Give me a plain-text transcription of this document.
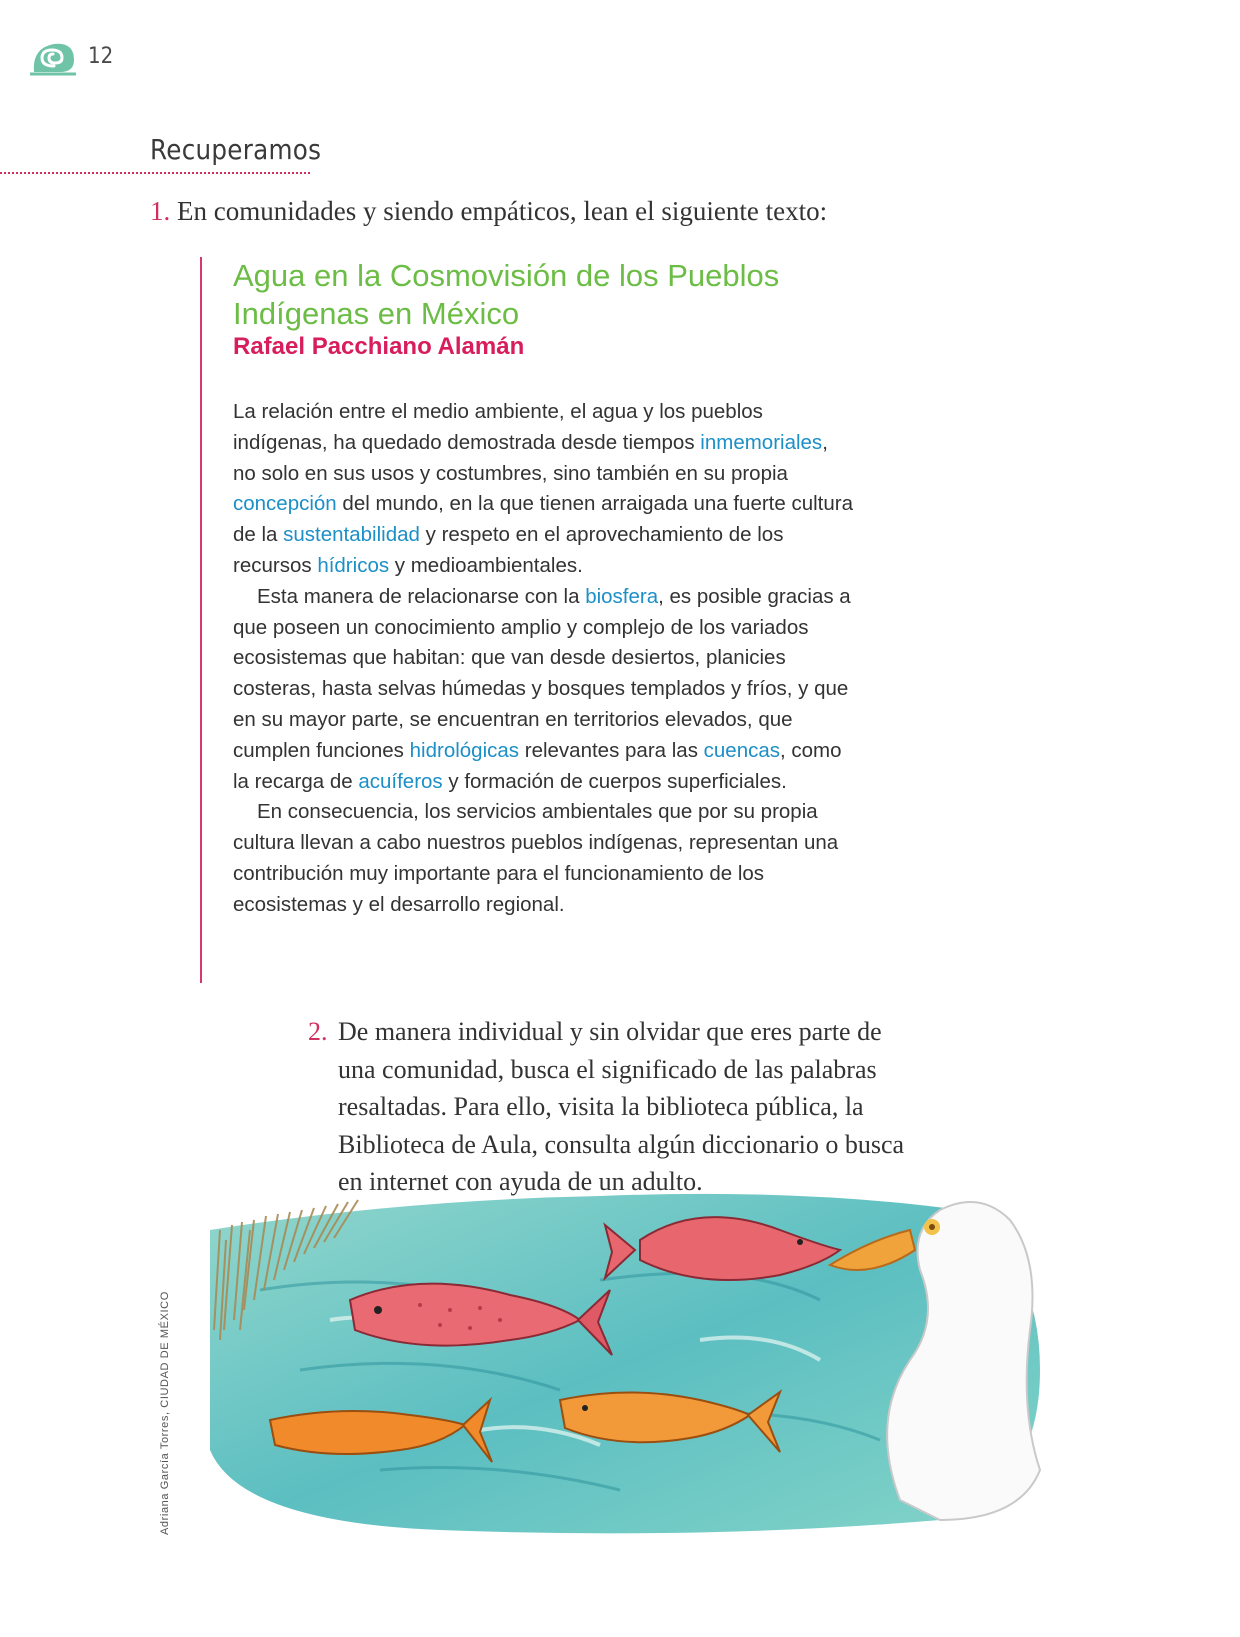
12
Recuperamos
1. En comunidades y siendo empáticos, lean el siguiente texto:
Agua en la Cosmovisión de los Pueblos Indígenas en México
Rafael Pacchiano Alamán

La relación entre el medio ambiente, el agua y los pueblos indígenas, ha quedado demostrada desde tiempos inmemoriales, no solo en sus usos y costumbres, sino también en su propia concepción del mundo, en la que tienen arraigada una fuerte cultura de la sustentabilidad y respeto en el aprovechamiento de los recursos hídricos y medioambientales.

Esta manera de relacionarse con la biosfera, es posible gracias a que poseen un conocimiento amplio y complejo de los variados ecosistemas que habitan: que van desde desiertos, planicies costeras, hasta selvas húmedas y bosques templados y fríos, y que en su mayor parte, se encuentran en territorios elevados, que cumplen funciones hidrológicas relevantes para las cuencas, como la recarga de acuíferos y formación de cuerpos superficiales.

En consecuencia, los servicios ambientales que por su propia cultura llevan a cabo nuestros pueblos indígenas, representan una contribución muy importante para el funcionamiento de los ecosistemas y el desarrollo regional.

2. De manera individual y sin olvidar que eres parte de una comunidad, busca el significado de las palabras resaltadas. Para ello, visita la biblioteca pública, la Biblioteca de Aula, consulta algún diccionario o busca en internet con ayuda de un adulto.
Adriana García Torres, CIUDAD DE MÉXICO
